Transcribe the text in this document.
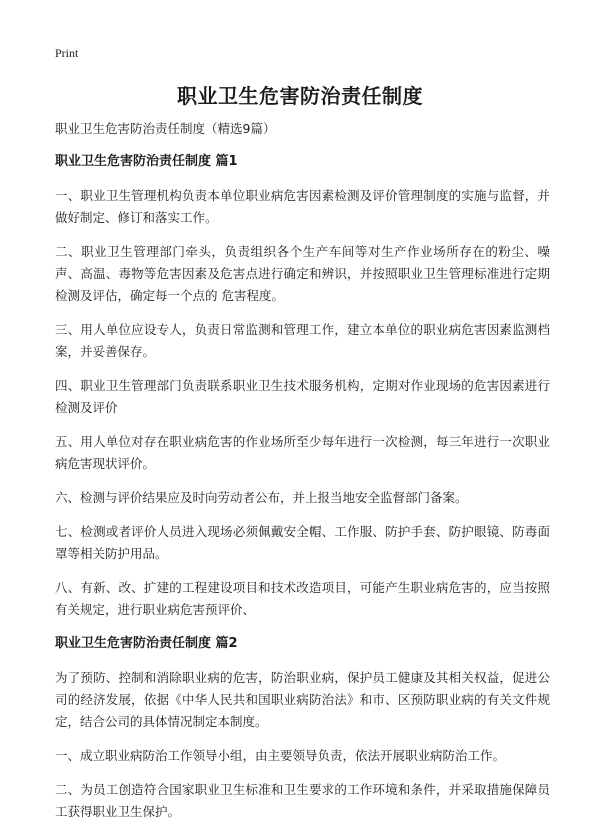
Print
职业卫生危害防治责任制度

职业卫生危害防治责任制度（精选9篇）

职业卫生危害防治责任制度 篇1

一、职业卫生管理机构负责本单位职业病危害因素检测及评价管理制度的实施与监督，并做好制定、修订和落实工作。

二、职业卫生管理部门牵头，负责组织各个生产车间等对生产作业场所存在的粉尘、噪声、高温、毒物等危害因素及危害点进行确定和辨识，并按照职业卫生管理标准进行定期检测及评估，确定每一个点的 危害程度。

三、用人单位应设专人，负责日常监测和管理工作，建立本单位的职业病危害因素监测档案，并妥善保存。

四、职业卫生管理部门负责联系职业卫生技术服务机构，定期对作业现场的危害因素进行检测及评价

五、用人单位对存在职业病危害的作业场所至少每年进行一次检测，每三年进行一次职业病危害现状评价。

六、检测与评价结果应及时向劳动者公布，并上报当地安全监督部门备案。

七、检测或者评价人员进入现场必须佩戴安全帽、工作服、防护手套、防护眼镜、防毒面罩等相关防护用品。

八、有新、改、扩建的工程建设项目和技术改造项目，可能产生职业病危害的，应当按照有关规定，进行职业病危害预评价、

职业卫生危害防治责任制度 篇2

为了预防、控制和消除职业病的危害，防治职业病，保护员工健康及其相关权益，促进公司的经济发展，依据《中华人民共和国职业病防治法》和市、区预防职业病的有关文件规定，结合公司的具体情况制定本制度。

一、成立职业病防治工作领导小组，由主要领导负责，依法开展职业病防治工作。

二、为员工创造符合国家职业卫生标准和卫生要求的工作环境和条件，并采取措施保障员工获得职业卫生保护。
